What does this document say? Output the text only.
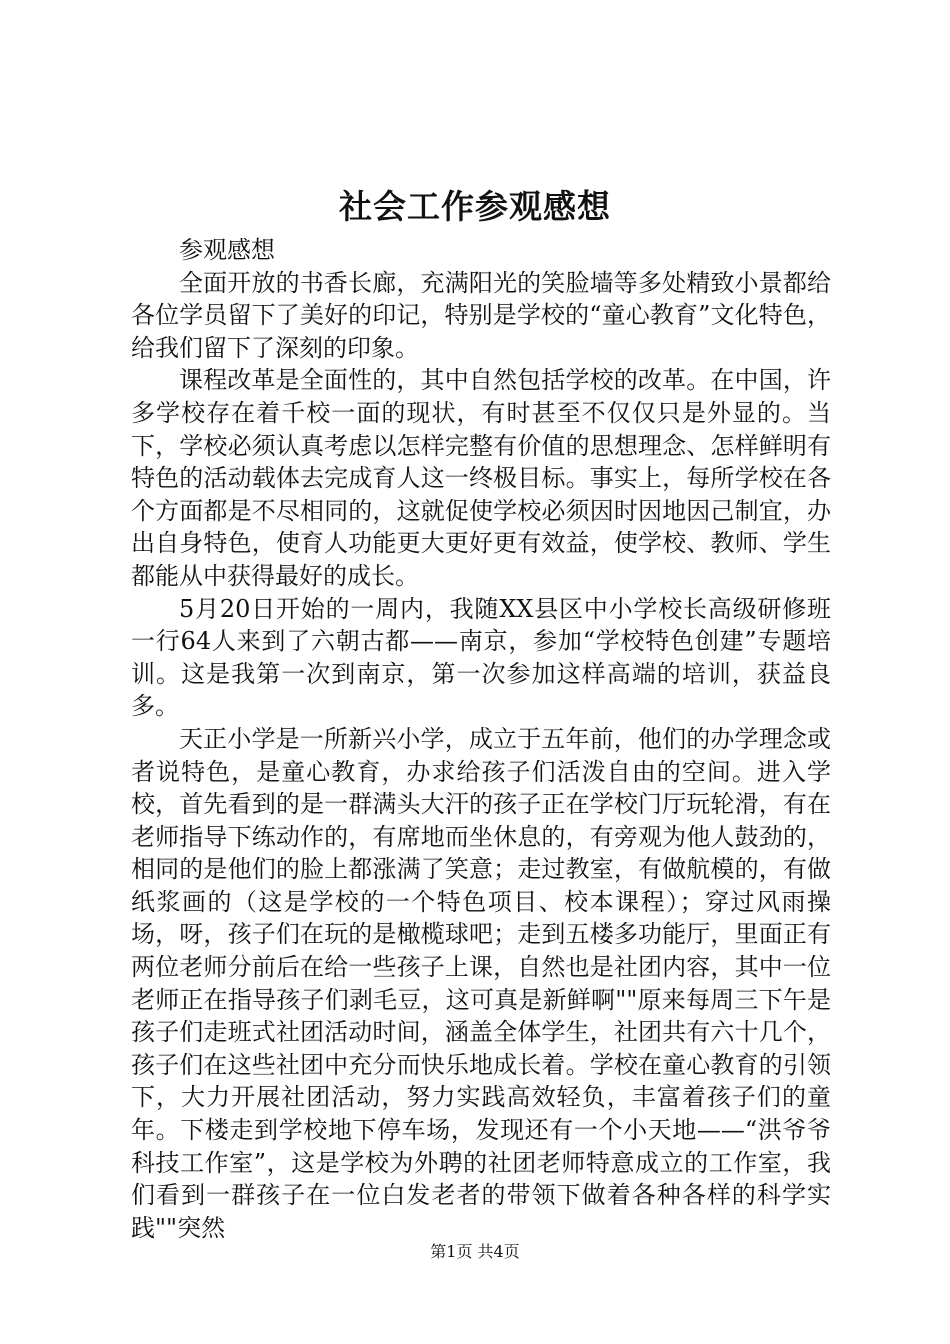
社会工作参观感想

参观感想

全面开放的书香长廊，充满阳光的笑脸墙等多处精致小景都给各位学员留下了美好的印记，特别是学校的“童心教育”文化特色，给我们留下了深刻的印象。

课程改革是全面性的，其中自然包括学校的改革。在中国，许多学校存在着千校一面的现状，有时甚至不仅仅只是外显的。当下，学校必须认真考虑以怎样完整有价值的思想理念、怎样鲜明有特色的活动载体去完成育人这一终极目标。事实上，每所学校在各个方面都是不尽相同的，这就促使学校必须因时因地因己制宜，办出自身特色，使育人功能更大更好更有效益，使学校、教师、学生都能从中获得最好的成长。

5月20日开始的一周内，我随XX县区中小学校长高级研修班一行64人来到了六朝古都——南京，参加“学校特色创建”专题培训。这是我第一次到南京，第一次参加这样高端的培训，获益良多。

天正小学是一所新兴小学，成立于五年前，他们的办学理念或者说特色，是童心教育，办求给孩子们活泼自由的空间。进入学校，首先看到的是一群满头大汗的孩子正在学校门厅玩轮滑，有在老师指导下练动作的，有席地而坐休息的，有旁观为他人鼓劲的，相同的是他们的脸上都涨满了笑意；走过教室，有做航模的，有做纸浆画的（这是学校的一个特色项目、校本课程）；穿过风雨操场，呀，孩子们在玩的是橄榄球吧；走到五楼多功能厅，里面正有两位老师分前后在给一些孩子上课，自然也是社团内容，其中一位老师正在指导孩子们剥毛豆，这可真是新鲜啊""原来每周三下午是孩子们走班式社团活动时间，涵盖全体学生，社团共有六十几个，孩子们在这些社团中充分而快乐地成长着。学校在童心教育的引领下，大力开展社团活动，努力实践高效轻负，丰富着孩子们的童年。下楼走到学校地下停车场，发现还有一个小天地——“洪爷爷科技工作室”，这是学校为外聘的社团老师特意成立的工作室，我们看到一群孩子在一位白发老者的带领下做着各种各样的科学实践""突然

第1页 共4页
